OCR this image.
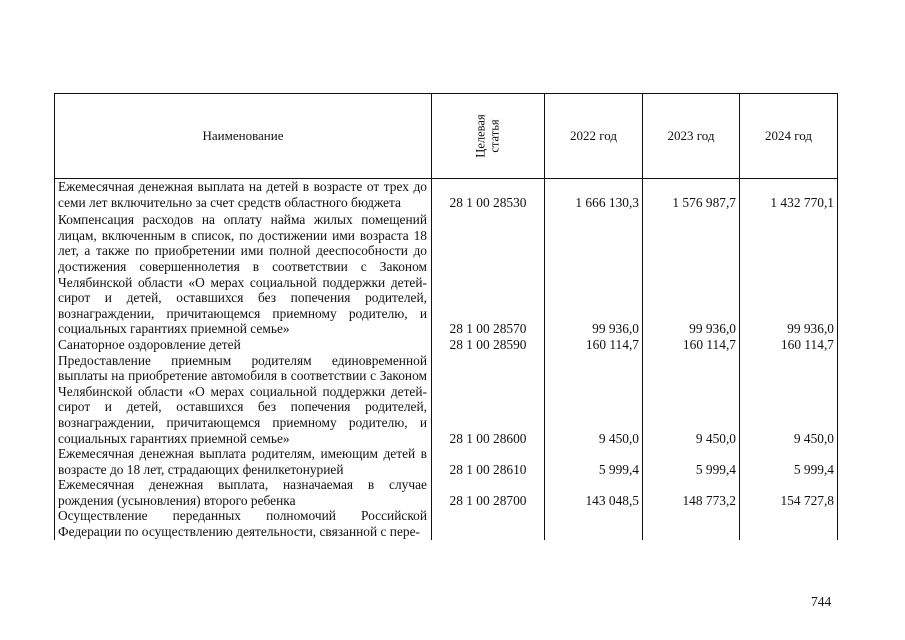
Наименование	Целевая статья	2022 год	2023 год	2024 год
Ежемесячная денежная выплата на детей в возрасте от трех до семи лет включительно за счет средств областного бюджета	28 1 00 28530	1 666 130,3	1 576 987,7	1 432 770,1
Компенсация расходов на оплату найма жилых помещений лицам, включенным в список, по достижении ими возраста 18 лет, а также по приобретении ими полной дееспособности до достижения совершеннолетия в соответствии с Законом Челябинской области «О мерах социальной поддержки детей-сирот и детей, оставшихся без попечения родителей, вознаграждении, причитающемся приемному родителю, и социальных гарантиях приемной семье»	28 1 00 28570	99 936,0	99 936,0	99 936,0
Санаторное оздоровление детей	28 1 00 28590	160 114,7	160 114,7	160 114,7
Предоставление приемным родителям единовременной выплаты на приобретение автомобиля в соответствии с Законом Челябинской области «О мерах социальной поддержки детей-сирот и детей, оставшихся без попечения родителей, вознаграждении, причитающемся приемному родителю, и социальных гарантиях приемной семье»	28 1 00 28600	9 450,0	9 450,0	9 450,0
Ежемесячная денежная выплата родителям, имеющим детей в возрасте до 18 лет, страдающих фенилкетонурией	28 1 00 28610	5 999,4	5 999,4	5 999,4
Ежемесячная денежная выплата, назначаемая в случае рождения (усыновления) второго ребенка	28 1 00 28700	143 048,5	148 773,2	154 727,8
Осуществление переданных полномочий Российской Федерации по осуществлению деятельности, связанной с пере-				
744
